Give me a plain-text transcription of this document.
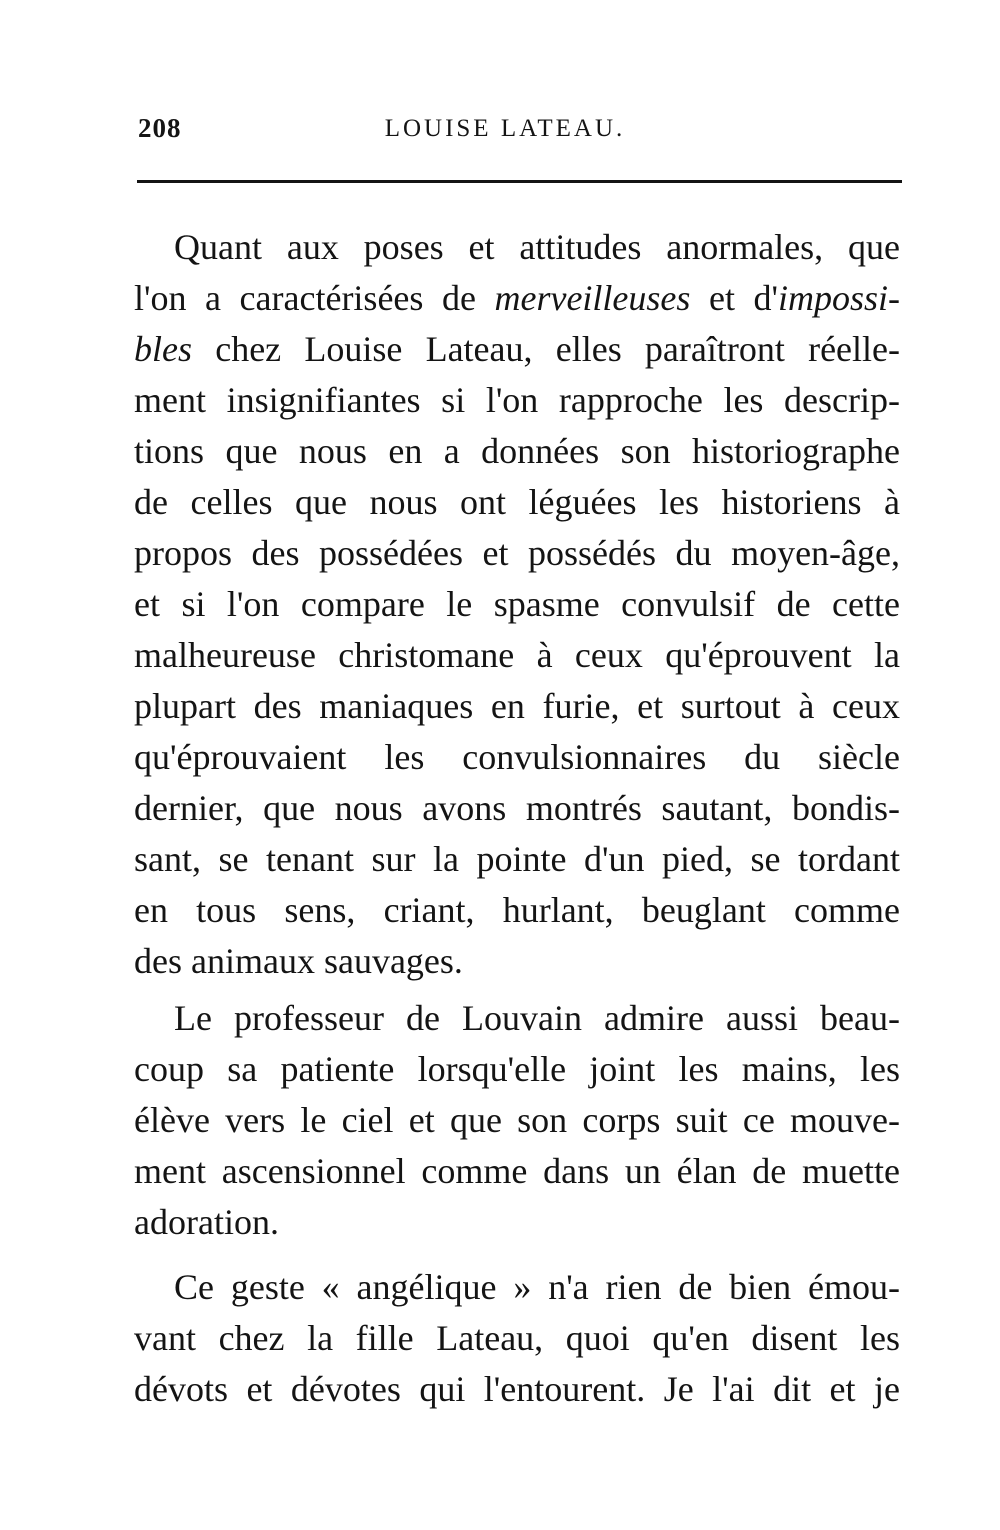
208	LOUISE LATEAU.
Quant aux poses et attitudes anormales, que
l'on a caractérisées de merveilleuses et d'impossi-
bles chez Louise Lateau, elles paraîtront réelle-
ment insignifiantes si l'on rapproche les descrip-
tions que nous en a données son historiographe
de celles que nous ont léguées les historiens à
propos des possédées et possédés du moyen-âge,
et si l'on compare le spasme convulsif de cette
malheureuse christomane à ceux qu'éprouvent la
plupart des maniaques en furie, et surtout à ceux
qu'éprouvaient les convulsionnaires du siècle
dernier, que nous avons montrés sautant, bondis-
sant, se tenant sur la pointe d'un pied, se tordant
en tous sens, criant, hurlant, beuglant comme
des animaux sauvages.
Le professeur de Louvain admire aussi beau-
coup sa patiente lorsqu'elle joint les mains, les
élève vers le ciel et que son corps suit ce mouve-
ment ascensionnel comme dans un élan de muette
adoration.
Ce geste « angélique » n'a rien de bien émou-
vant chez la fille Lateau, quoi qu'en disent les
dévots et dévotes qui l'entourent. Je l'ai dit et je
